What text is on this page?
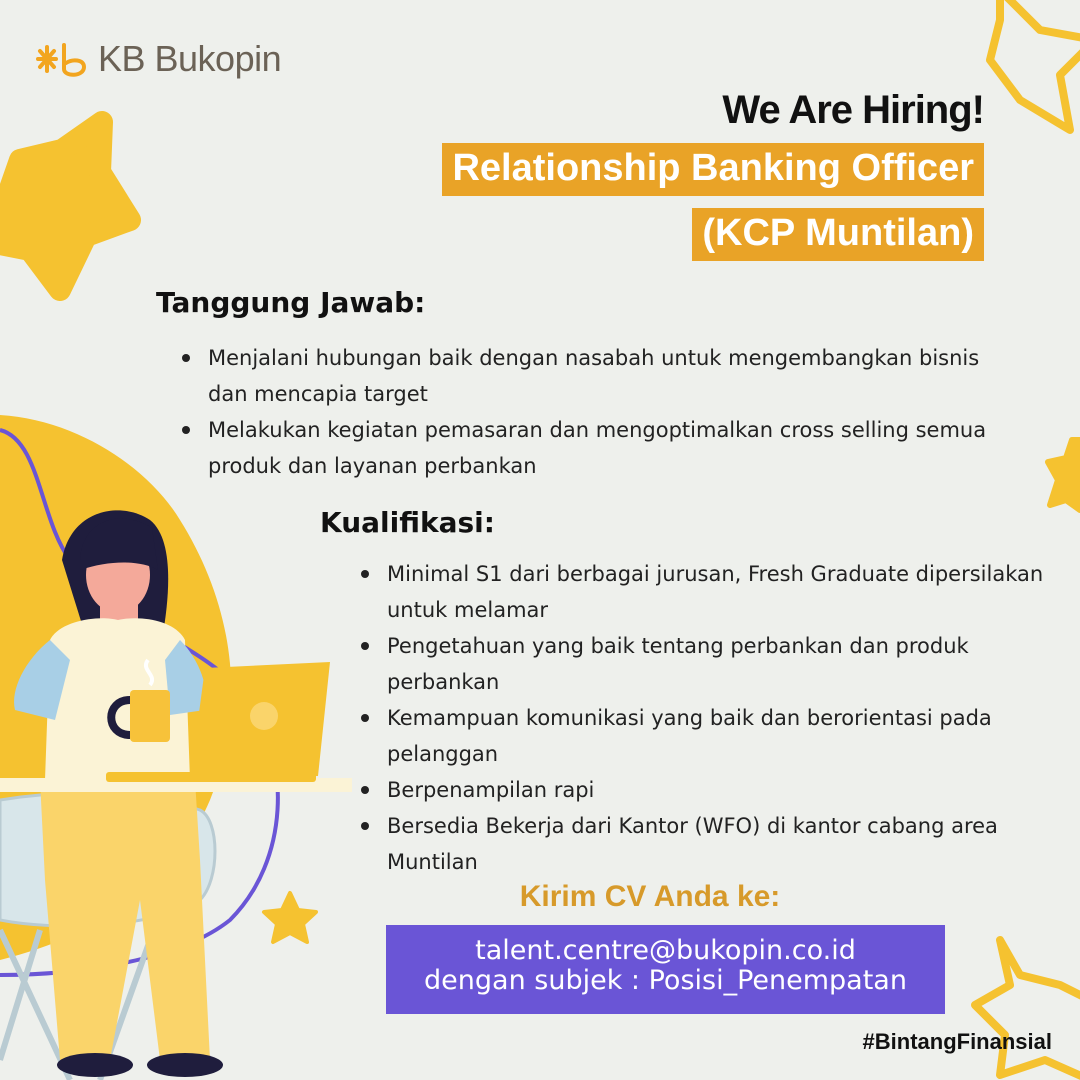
KB Bukopin
We Are Hiring!
Relationship Banking Officer
(KCP Muntilan)
Tanggung Jawab:
Menjalani hubungan baik dengan nasabah untuk mengembangkan bisnis dan mencapia target
Melakukan kegiatan pemasaran dan mengoptimalkan cross selling semua produk dan layanan perbankan
Kualifikasi:
Minimal S1 dari berbagai jurusan, Fresh Graduate dipersilakan untuk melamar
Pengetahuan yang baik tentang perbankan dan produk perbankan
Kemampuan komunikasi yang baik dan berorientasi pada pelanggan
Berpenampilan rapi
Bersedia Bekerja dari Kantor (WFO) di kantor cabang area Muntilan
Kirim CV Anda ke:
talent.centre@bukopin.co.id
dengan subjek : Posisi_Penempatan
#BintangFinansial
